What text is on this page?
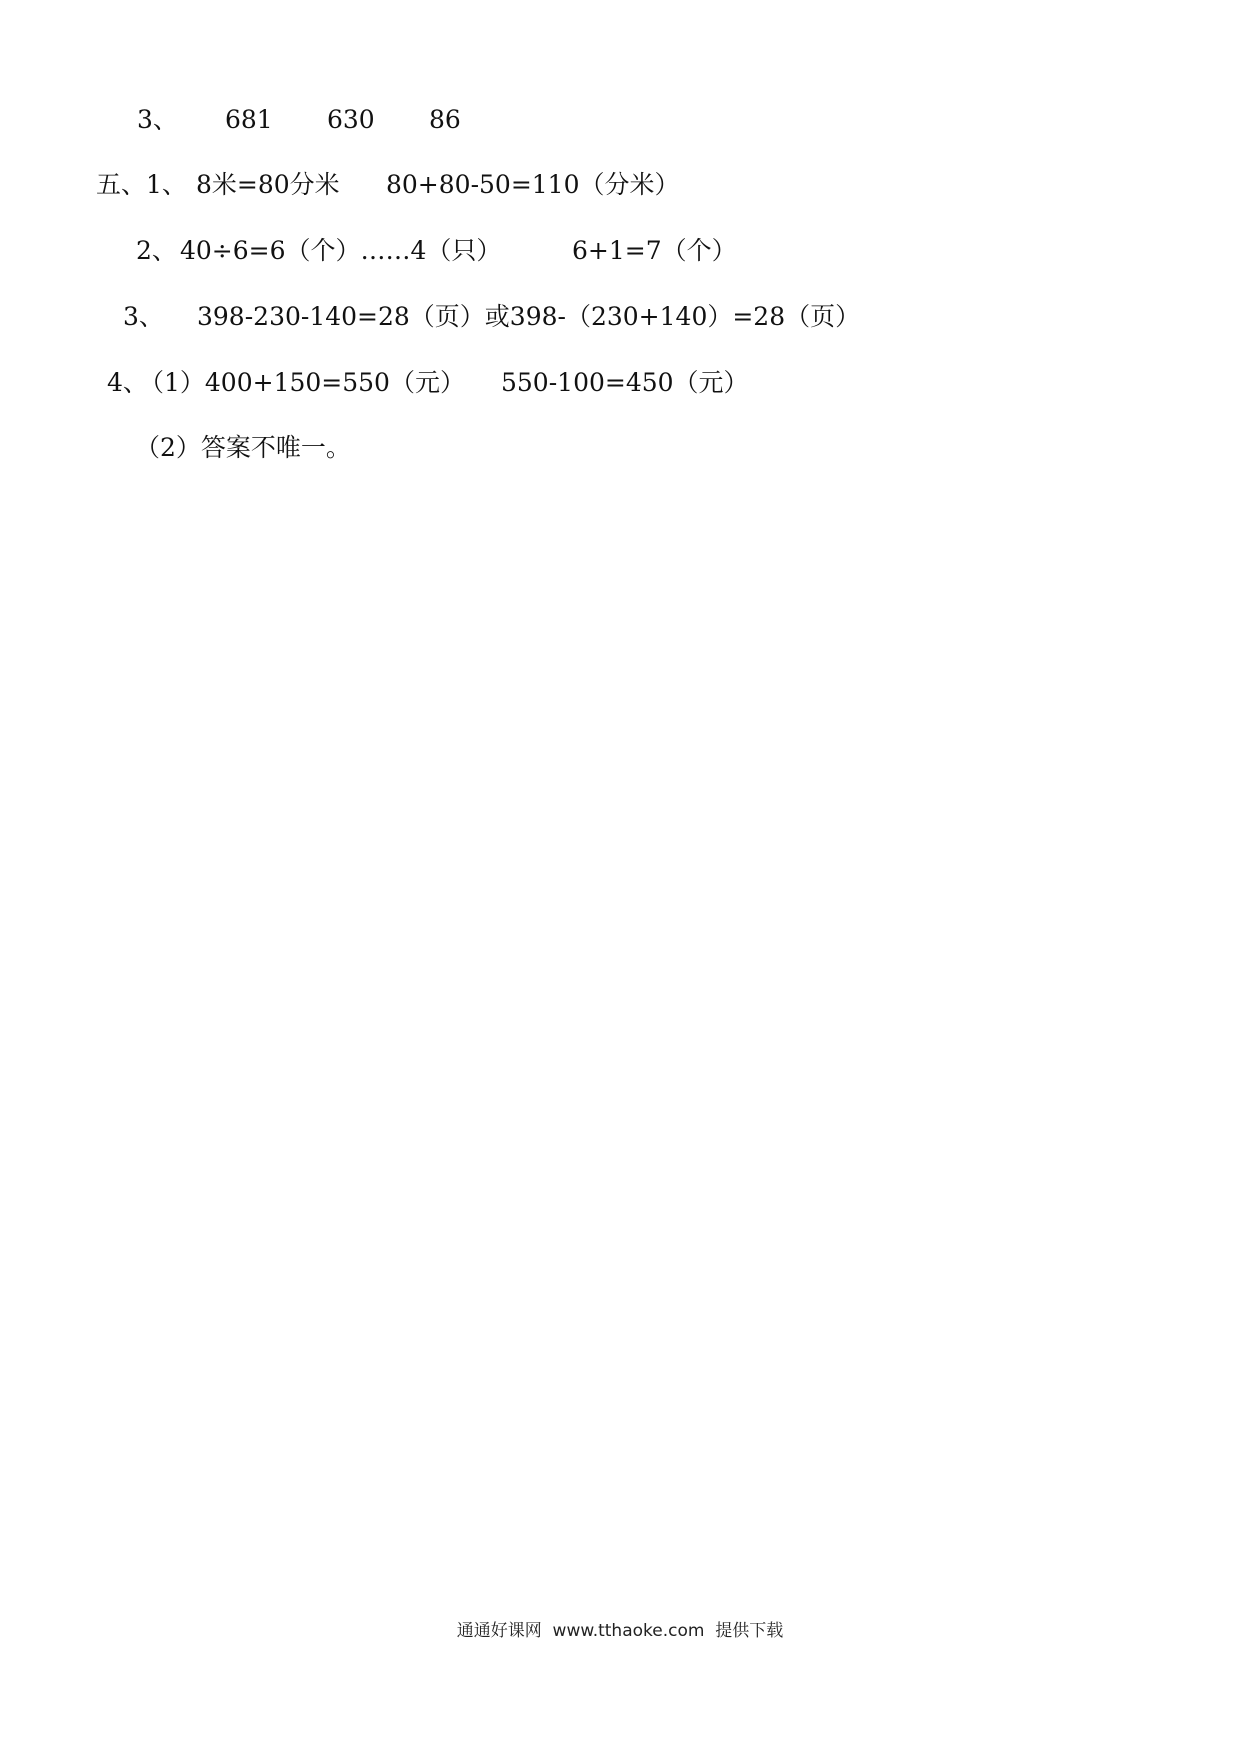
3、

681

630

86

五、1、

8米=80分米

80+80-50=110（分米）

2、

40÷6=6（个）……4（只）

	6+1=7（个）

3、

398-230-140=28（页）或398-（230+140）=28（页）

4、

（1）400+150=550（元）

550-100=450（元）

（2）答案不唯一。

通通好课网  www.tthaoke.com  提供下载
